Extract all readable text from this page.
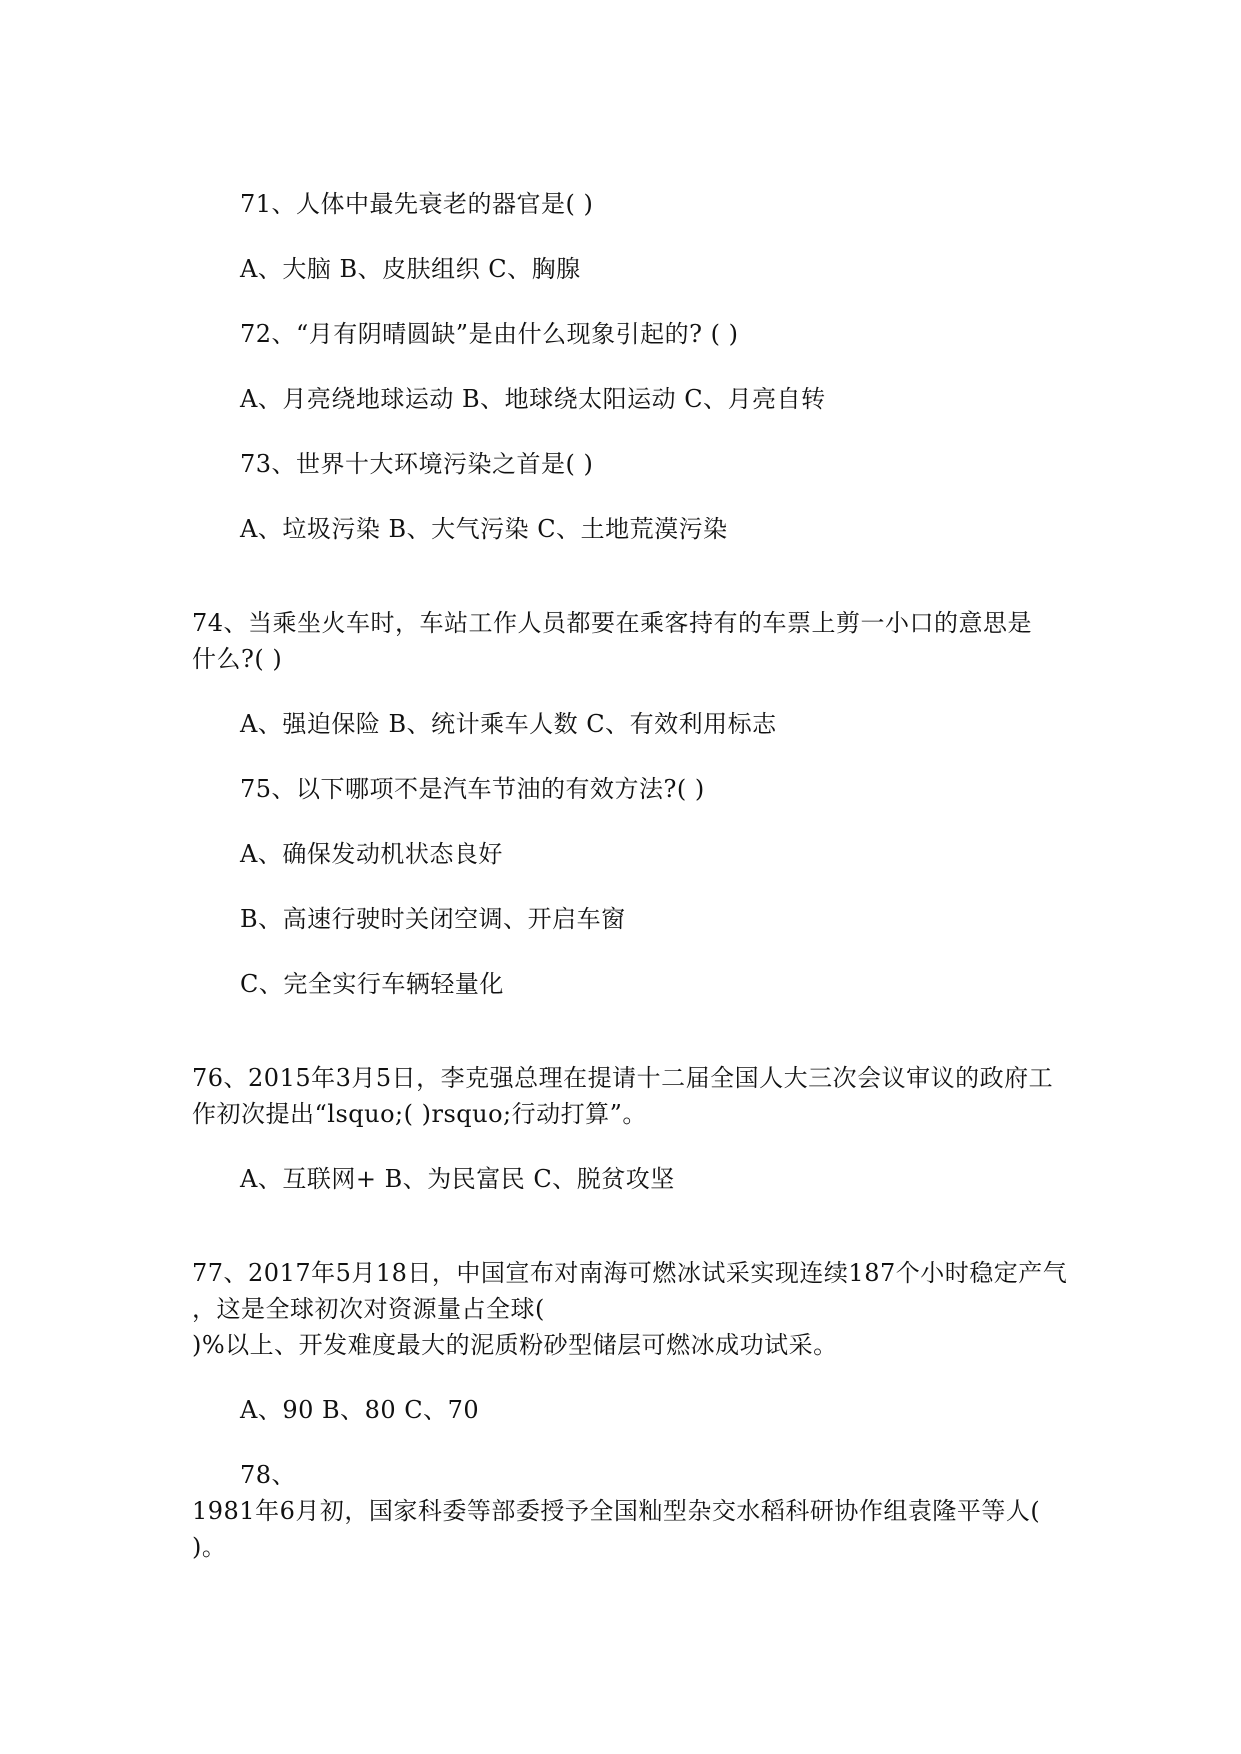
71、人体中最先衰老的器官是( )
A、大脑 B、皮肤组织 C、胸腺
72、“月有阴晴圆缺”是由什么现象引起的? ( )
A、月亮绕地球运动 B、地球绕太阳运动 C、月亮自转
73、世界十大环境污染之首是( )
A、垃圾污染 B、大气污染 C、土地荒漠污染
74、当乘坐火车时，车站工作人员都要在乘客持有的车票上剪一小口的意思是
什么?( )
A、强迫保险 B、统计乘车人数 C、有效利用标志
75、以下哪项不是汽车节油的有效方法?( )
A、确保发动机状态良好
B、高速行驶时关闭空调、开启车窗
C、完全实行车辆轻量化
76、2015年3月5日，李克强总理在提请十二届全国人大三次会议审议的政府工
作初次提出“lsquo;( )rsquo;行动打算”。
A、互联网+ B、为民富民 C、脱贫攻坚
77、2017年5月18日，中国宣布对南海可燃冰试采实现连续187个小时稳定产气
，这是全球初次对资源量占全球(
)%以上、开发难度最大的泥质粉砂型储层可燃冰成功试采。
A、90 B、80 C、70
78、
1981年6月初，国家科委等部委授予全国籼型杂交水稻科研协作组袁隆平等人(
)。
